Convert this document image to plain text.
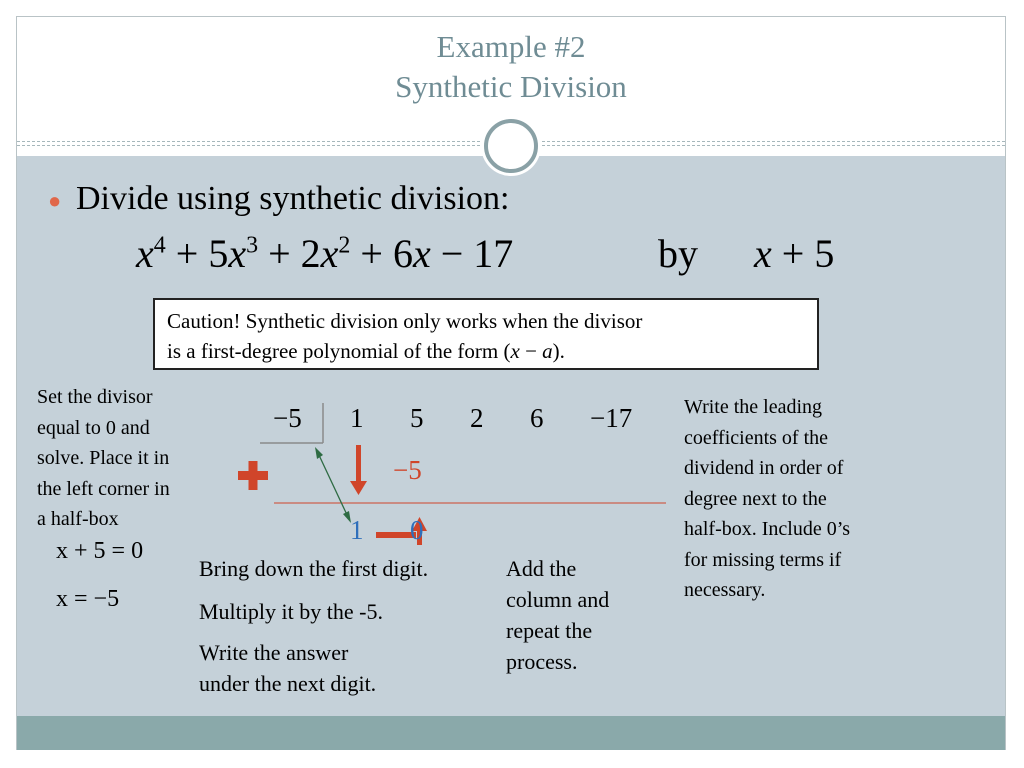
Example #2
Synthetic Division
● Divide using synthetic division:
$x^4 + 5x^3 + 2x^2 + 6x - 17$	by x + 5
Caution! Synthetic division only works when the divisor
is a first-degree polynomial of the form (x − a).
Set the divisor
equal to 0 and
solve. Place it in
the left corner in
a half-box
x + 5 = 0
x = −5
−5 1 5 2 6 −17
−5
1 0
Write the leading
coefficients of the
dividend in order of
degree next to the
half-box. Include 0’s
for missing terms if
necessary.
Bring down the first digit.
Multiply it by the -5.
Write the answer
under the next digit.
Add the
column and
repeat the
process.
